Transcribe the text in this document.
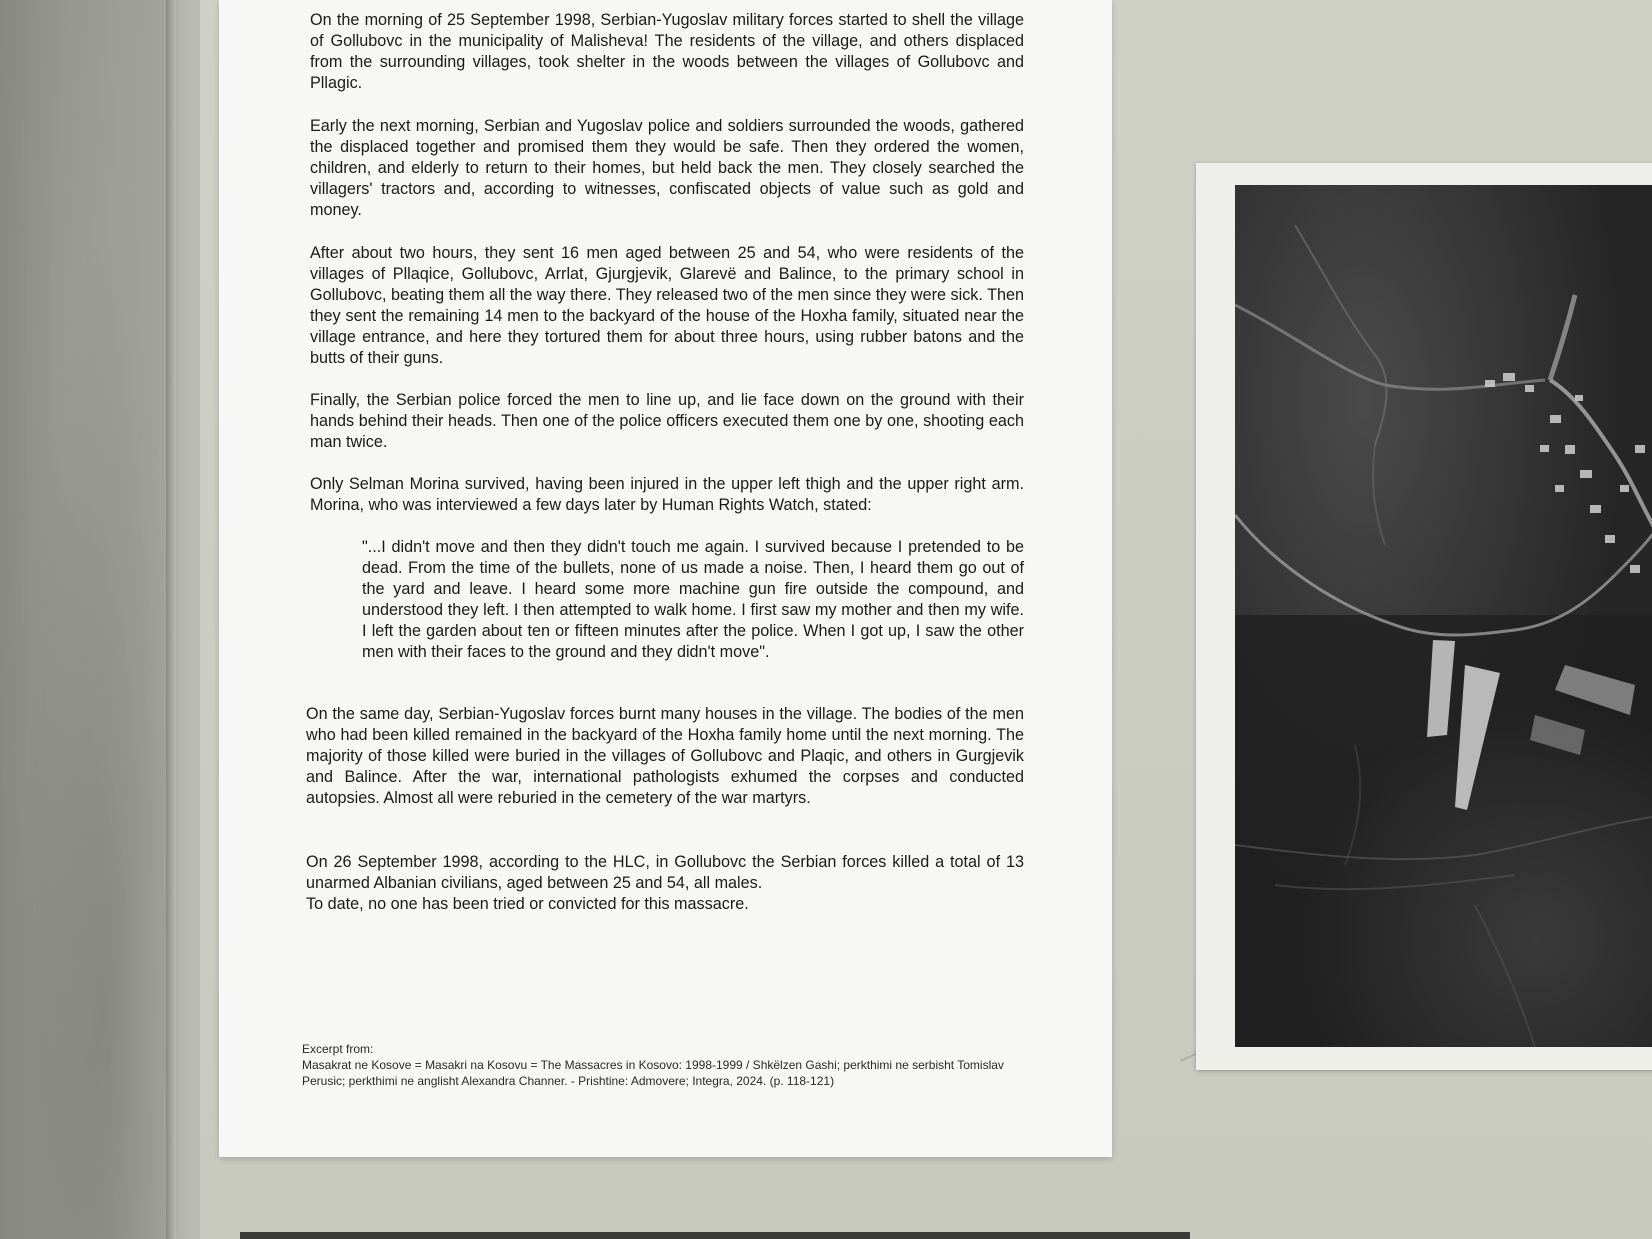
On the morning of 25 September 1998, Serbian-Yugoslav military forces started to shell the village of Gollubovc in the municipality of Malisheva! The residents of the village, and others displaced from the surrounding villages, took shelter in the woods between the villages of Gollubovc and Pllagic.

Early the next morning, Serbian and Yugoslav police and soldiers surrounded the woods, gathered the displaced together and promised them they would be safe. Then they ordered the women, children, and elderly to return to their homes, but held back the men. They closely searched the villagers' tractors and, according to witnesses, confiscated objects of value such as gold and money.

After about two hours, they sent 16 men aged between 25 and 54, who were residents of the villages of Pllaqice, Gollubovc, Arrlat, Gjurgjevik, Glarevë and Balince, to the primary school in Gollubovc, beating them all the way there. They released two of the men since they were sick. Then they sent the remaining 14 men to the backyard of the house of the Hoxha family, situated near the village entrance, and here they tortured them for about three hours, using rubber batons and the butts of their guns.

Finally, the Serbian police forced the men to line up, and lie face down on the ground with their hands behind their heads. Then one of the police officers executed them one by one, shooting each man twice.

Only Selman Morina survived, having been injured in the upper left thigh and the upper right arm. Morina, who was interviewed a few days later by Human Rights Watch, stated:

"...I didn't move and then they didn't touch me again. I survived because I pretended to be dead. From the time of the bullets, none of us made a noise. Then, I heard them go out of the yard and leave. I heard some more machine gun fire outside the compound, and understood they left. I then attempted to walk home. I first saw my mother and then my wife. I left the garden about ten or fifteen minutes after the police. When I got up, I saw the other men with their faces to the ground and they didn't move".

On the same day, Serbian-Yugoslav forces burnt many houses in the village. The bodies of the men who had been killed remained in the backyard of the Hoxha family home until the next morning. The majority of those killed were buried in the villages of Gollubovc and Plaqic, and others in Gurgjevik and Balince. After the war, international pathologists exhumed the corpses and conducted autopsies. Almost all were reburied in the cemetery of the war martyrs.

On 26 September 1998, according to the HLC, in Gollubovc the Serbian forces killed a total of 13 unarmed Albanian civilians, aged between 25 and 54, all males.

To date, no one has been tried or convicted for this massacre.

Excerpt from:
Masakrat ne Kosove = Masakri na Kosovu = The Massacres in Kosovo: 1998-1999 / Shkëlzen Gashi; perkthimi ne serbisht Tomislav Perusic; perkthimi ne anglisht Alexandra Channer. - Prishtine: Admovere; Integra, 2024. (p. 118-121)
